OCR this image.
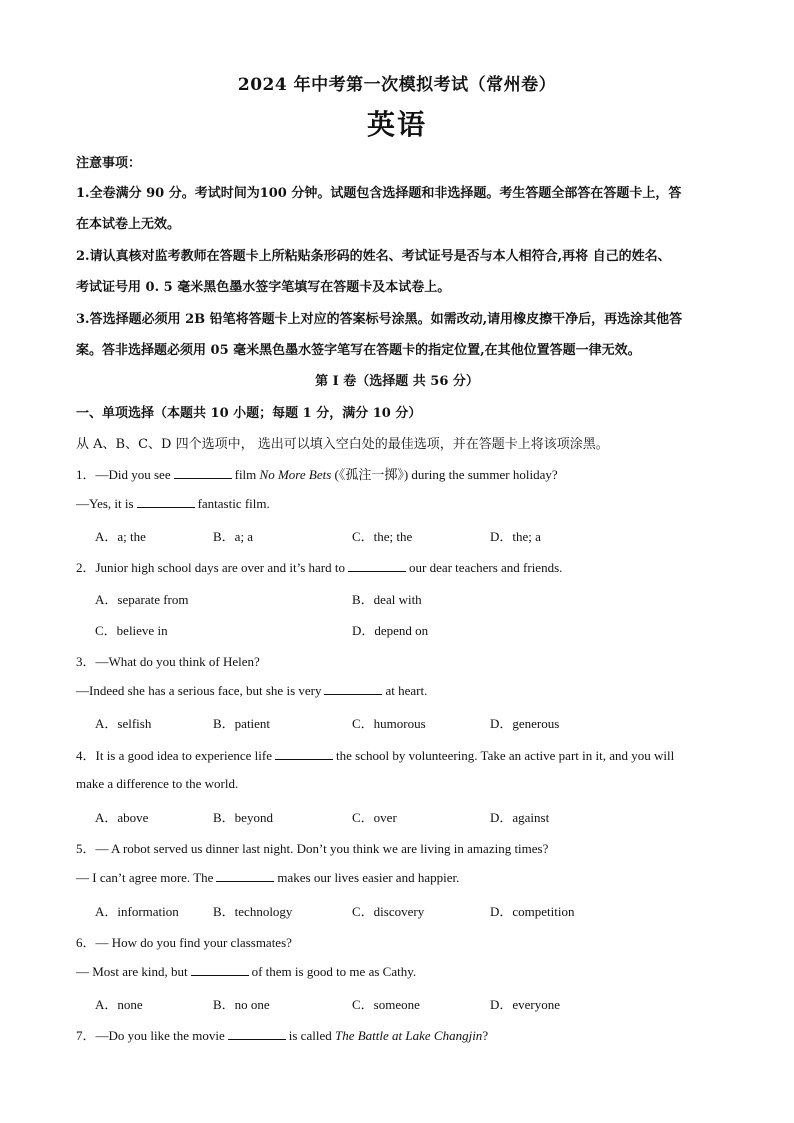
2024 年中考第一次模拟考试（常州卷）
英语
注意事项：
1.全卷满分 90 分。考试时间为100 分钟。试题包含选择题和非选择题。考生答题全部答在答题卡上，答
在本试卷上无效。
2.请认真核对监考教师在答题卡上所粘贴条形码的姓名、考试证号是否与本人相符合,再将 自己的姓名、
考试证号用 0. 5 毫米黑色墨水签字笔填写在答题卡及本试卷上。
3.答选择题必须用 2B 铅笔将答题卡上对应的答案标号涂黑。如需改动,请用橡皮擦干净后，再选涂其他答
案。答非选择题必须用 05 毫米黑色墨水签字笔写在答题卡的指定位置,在其他位置答题一律无效。
第 I 卷（选择题 共 56 分）
一、单项选择（本题共 10 小题；每题 1 分，满分 10 分）
从 A、B、C、D 四个选项中， 选出可以填入空白处的最佳选项，并在答题卡上将该项涂黑。
1．—Did you see	film No More Bets (《孤注一掷》) during the summer holiday?
—Yes, it is	fantastic film.
A．a; the	B．a; a	C．the; the	D．the; a
2．Junior high school days are over and it’s hard to	our dear teachers and friends.
A．separate from	B．deal with
C．believe in	D．depend on
3．—What do you think of Helen?
—Indeed she has a serious face, but she is very	at heart.
A．selfish	B．patient	C．humorous	D．generous
4．It is a good idea to experience life	the school by volunteering. Take an active part in it, and you will
make a difference to the world.
A．above	B．beyond	C．over	D．against
5．— A robot served us dinner last night. Don’t you think we are living in amazing times?
— I can’t agree more. The	makes our lives easier and happier.
A．information	B．technology	C．discovery	D．competition
6．— How do you find your classmates?
— Most are kind, but	of them is good to me as Cathy.
A．none	B．no one	C．someone	D．everyone
7．—Do you like the movie	is called The Battle at Lake Changjin?
